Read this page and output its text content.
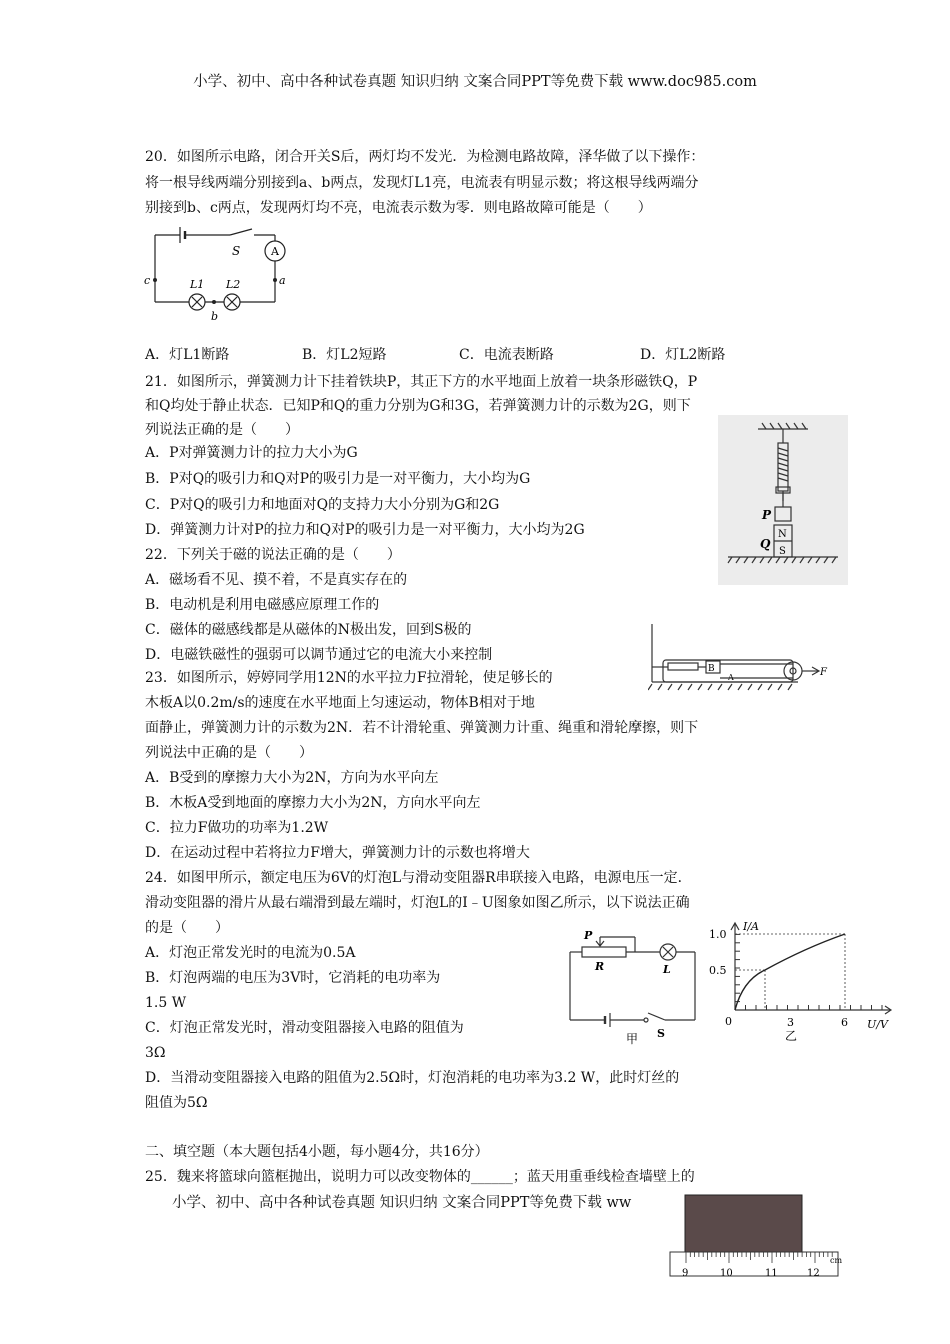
小学、初中、高中各种试卷真题 知识归纳 文案合同PPT等免费下载 www.doc985.com
20．如图所示电路，闭合开关S后，两灯均不发光．为检测电路故障，泽华做了以下操作：
将一根导线两端分别接到a、b两点，发现灯L1亮，电流表有明显示数；将这根导线两端分
别接到b、c两点，发现两灯均不亮，电流表示数为零．则电路故障可能是（　　）
S	A
L1 L2	a
b
c
A．灯L1断路	B．灯L2短路	C．电流表断路	D．灯L2断路
21．如图所示，弹簧测力计下挂着铁块P，其正下方的水平地面上放着一块条形磁铁Q，P
和Q均处于静止状态．已知P和Q的重力分别为G和3G，若弹簧测力计的示数为2G，则下
列说法正确的是（　　）
A．P对弹簧测力计的拉力大小为G
B．P对Q的吸引力和Q对P的吸引力是一对平衡力，大小均为G
C．P对Q的吸引力和地面对Q的支持力大小分别为G和2G
D．弹簧测力计对P的拉力和Q对P的吸引力是一对平衡力，大小均为2G
P
Q
N
S
22．下列关于磁的说法正确的是（　　）
A．磁场看不见、摸不着，不是真实存在的
B．电动机是利用电磁感应原理工作的
C．磁体的磁感线都是从磁体的N极出发，回到S极的
D．电磁铁磁性的强弱可以调节通过它的电流大小来控制
B
A	F
23．如图所示，婷婷同学用12N的水平拉力F拉滑轮，使足够长的
木板A以0.2m/s的速度在水平地面上匀速运动，物体B相对于地
面静止，弹簧测力计的示数为2N．若不计滑轮重、弹簧测力计重、绳重和滑轮摩擦，则下
列说法中正确的是（　　）
A．B受到的摩擦力大小为2N，方向为水平向左
B．木板A受到地面的摩擦力大小为2N，方向水平向左
C．拉力F做功的功率为1.2W
D．在运动过程中若将拉力F增大，弹簧测力计的示数也将增大
24．如图甲所示，额定电压为6V的灯泡L与滑动变阻器R串联接入电路，电源电压一定．
滑动变阻器的滑片从最右端滑到最左端时，灯泡L的I﹣U图象如图乙所示，以下说法正确
的是（　　）
A．灯泡正常发光时的电流为0.5A
B．灯泡两端的电压为3V时，它消耗的电功率为
1.5 W
C．灯泡正常发光时，滑动变阻器接入电路的阻值为
3Ω
D．当滑动变阻器接入电路的阻值为2.5Ω时，灯泡消耗的电功率为3.2 W，此时灯丝的
阻值为5Ω
P
R	L
S
甲
I/A
U/V
1.0
0.5
0	3	6
乙
二、填空题（本大题包括4小题，每小题4分，共16分）
25．魏来将篮球向篮框抛出，说明力可以改变物体的______；蓝天用重垂线检查墙壁上的
小学、初中、高中各种试卷真题 知识归纳 文案合同PPT等免费下载 ww
cm
9	10	11	12
